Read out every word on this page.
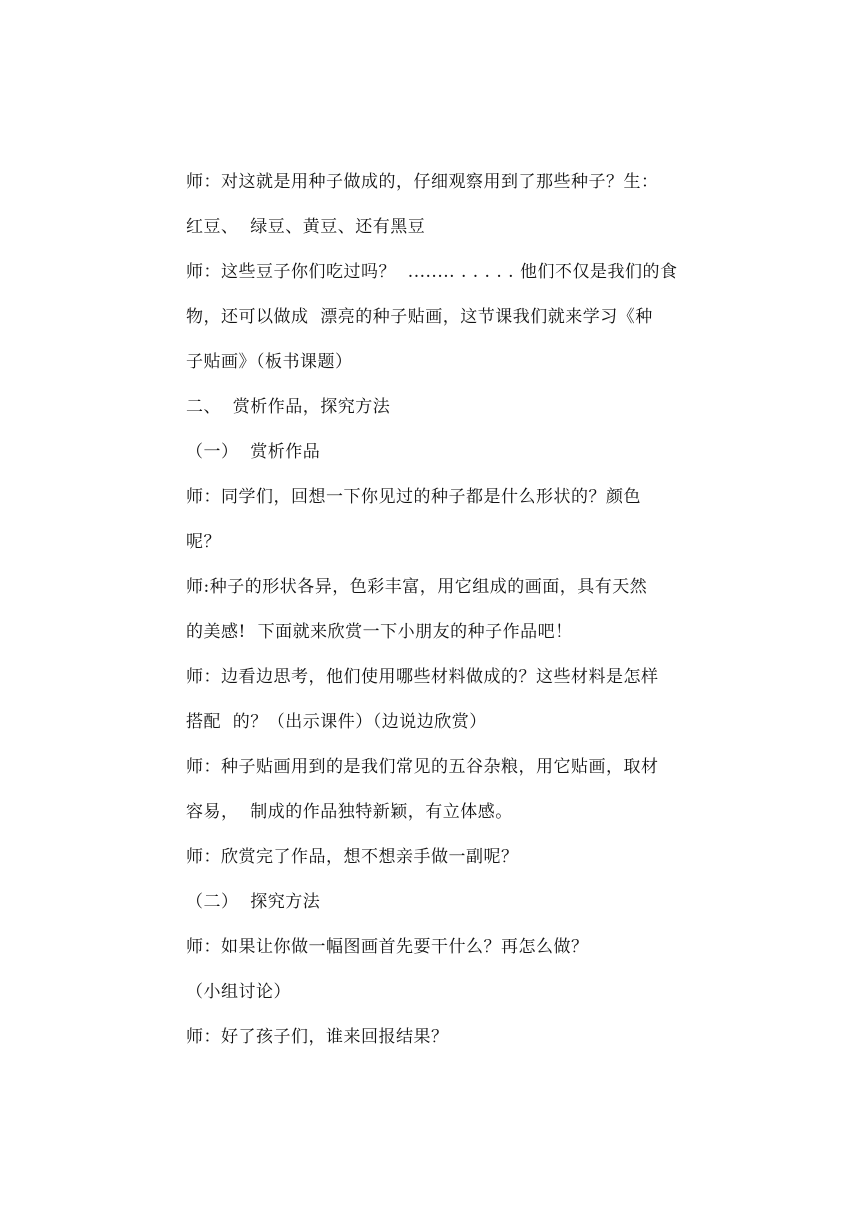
师：对这就是用种子做成的，仔细观察用到了那些种子？生：

红豆、  绿豆、黄豆、还有黑豆

师：这些豆子你们吃过吗？  ........ . . . . . 他们不仅是我们的食

物，还可以做成  漂亮的种子贴画，这节课我们就来学习《种

子贴画》（板书课题）

二、  赏析作品，探究方法

（一）  赏析作品

师：同学们，回想一下你见过的种子都是什么形状的？颜色

呢？

师:种子的形状各异，色彩丰富，用它组成的画面，具有天然

的美感!  下面就来欣赏一下小朋友的种子作品吧！

师：边看边思考，他们使用哪些材料做成的？这些材料是怎样

搭配  的？（出示课件）（边说边欣赏）

师：种子贴画用到的是我们常见的五谷杂粮，用它贴画，取材

容易，  制成的作品独特新颖，有立体感。

师：欣赏完了作品，想不想亲手做一副呢？

（二）  探究方法

师：如果让你做一幅图画首先要干什么？再怎么做？

（小组讨论）

师：好了孩子们，谁来回报结果？
